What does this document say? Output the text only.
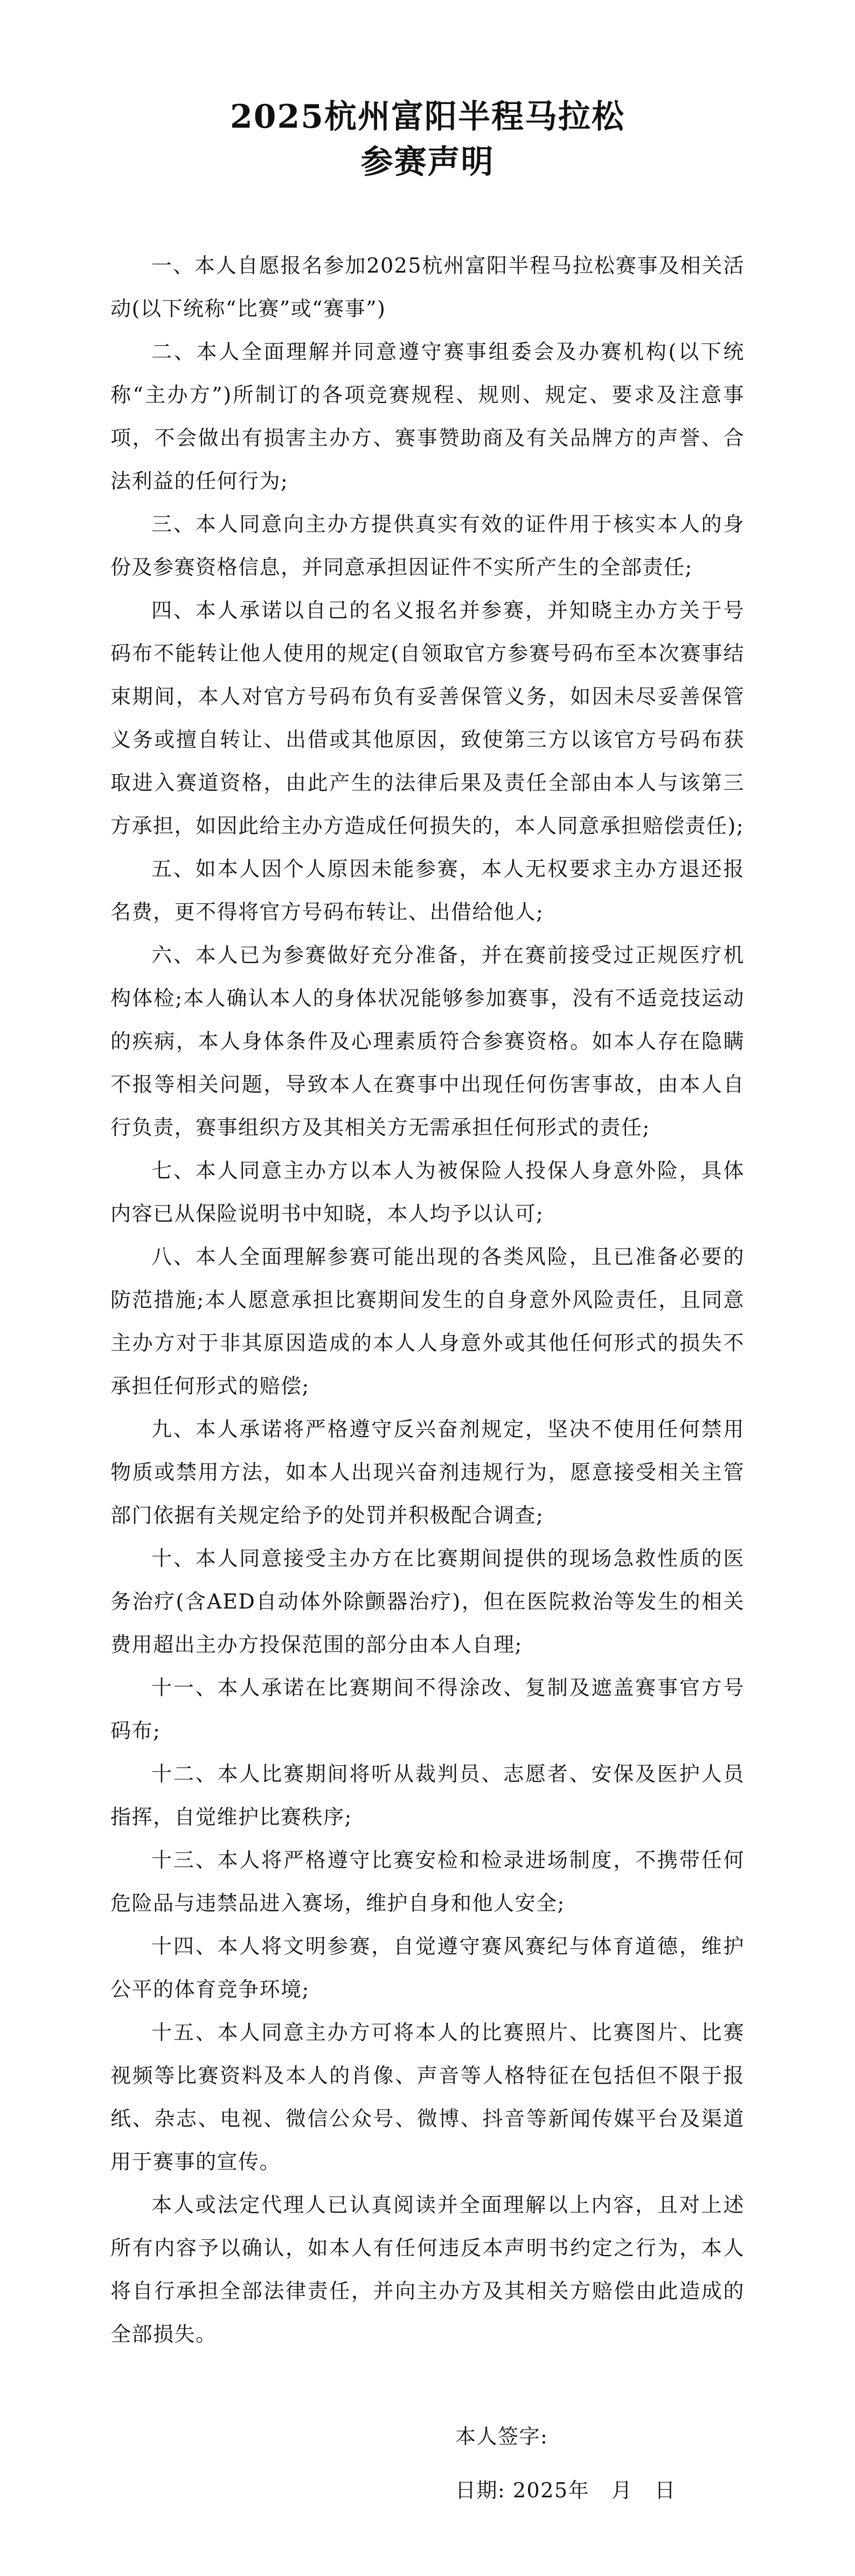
2025杭州富阳半程马拉松
参赛声明

一、本人自愿报名参加2025杭州富阳半程马拉松赛事及相关活动(以下统称“比赛”或“赛事”)

二、本人全面理解并同意遵守赛事组委会及办赛机构(以下统称“主办方”)所制订的各项竞赛规程、规则、规定、要求及注意事项，不会做出有损害主办方、赛事赞助商及有关品牌方的声誉、合法利益的任何行为;

三、本人同意向主办方提供真实有效的证件用于核实本人的身份及参赛资格信息，并同意承担因证件不实所产生的全部责任;

四、本人承诺以自己的名义报名并参赛，并知晓主办方关于号码布不能转让他人使用的规定(自领取官方参赛号码布至本次赛事结束期间，本人对官方号码布负有妥善保管义务，如因未尽妥善保管义务或擅自转让、出借或其他原因，致使第三方以该官方号码布获取进入赛道资格，由此产生的法律后果及责任全部由本人与该第三方承担，如因此给主办方造成任何损失的，本人同意承担赔偿责任);

五、如本人因个人原因未能参赛，本人无权要求主办方退还报名费，更不得将官方号码布转让、出借给他人;

六、本人已为参赛做好充分准备，并在赛前接受过正规医疗机构体检;本人确认本人的身体状况能够参加赛事，没有不适竞技运动的疾病，本人身体条件及心理素质符合参赛资格。如本人存在隐瞒不报等相关问题，导致本人在赛事中出现任何伤害事故，由本人自行负责，赛事组织方及其相关方无需承担任何形式的责任;

七、本人同意主办方以本人为被保险人投保人身意外险，具体内容已从保险说明书中知晓，本人均予以认可;

八、本人全面理解参赛可能出现的各类风险，且已准备必要的防范措施;本人愿意承担比赛期间发生的自身意外风险责任，且同意主办方对于非其原因造成的本人人身意外或其他任何形式的损失不承担任何形式的赔偿;

九、本人承诺将严格遵守反兴奋剂规定，坚决不使用任何禁用物质或禁用方法，如本人出现兴奋剂违规行为，愿意接受相关主管部门依据有关规定给予的处罚并积极配合调查;

十、本人同意接受主办方在比赛期间提供的现场急救性质的医务治疗(含AED自动体外除颤器治疗)，但在医院救治等发生的相关费用超出主办方投保范围的部分由本人自理;

十一、本人承诺在比赛期间不得涂改、复制及遮盖赛事官方号码布;

十二、本人比赛期间将听从裁判员、志愿者、安保及医护人员指挥，自觉维护比赛秩序;

十三、本人将严格遵守比赛安检和检录进场制度，不携带任何危险品与违禁品进入赛场，维护自身和他人安全;

十四、本人将文明参赛，自觉遵守赛风赛纪与体育道德，维护公平的体育竞争环境;

十五、本人同意主办方可将本人的比赛照片、比赛图片、比赛视频等比赛资料及本人的肖像、声音等人格特征在包括但不限于报纸、杂志、电视、微信公众号、微博、抖音等新闻传媒平台及渠道用于赛事的宣传。

本人或法定代理人已认真阅读并全面理解以上内容，且对上述所有内容予以确认，如本人有任何违反本声明书约定之行为，本人将自行承担全部法律责任，并向主办方及其相关方赔偿由此造成的全部损失。

本人签字:

日期: 2025年   月   日
